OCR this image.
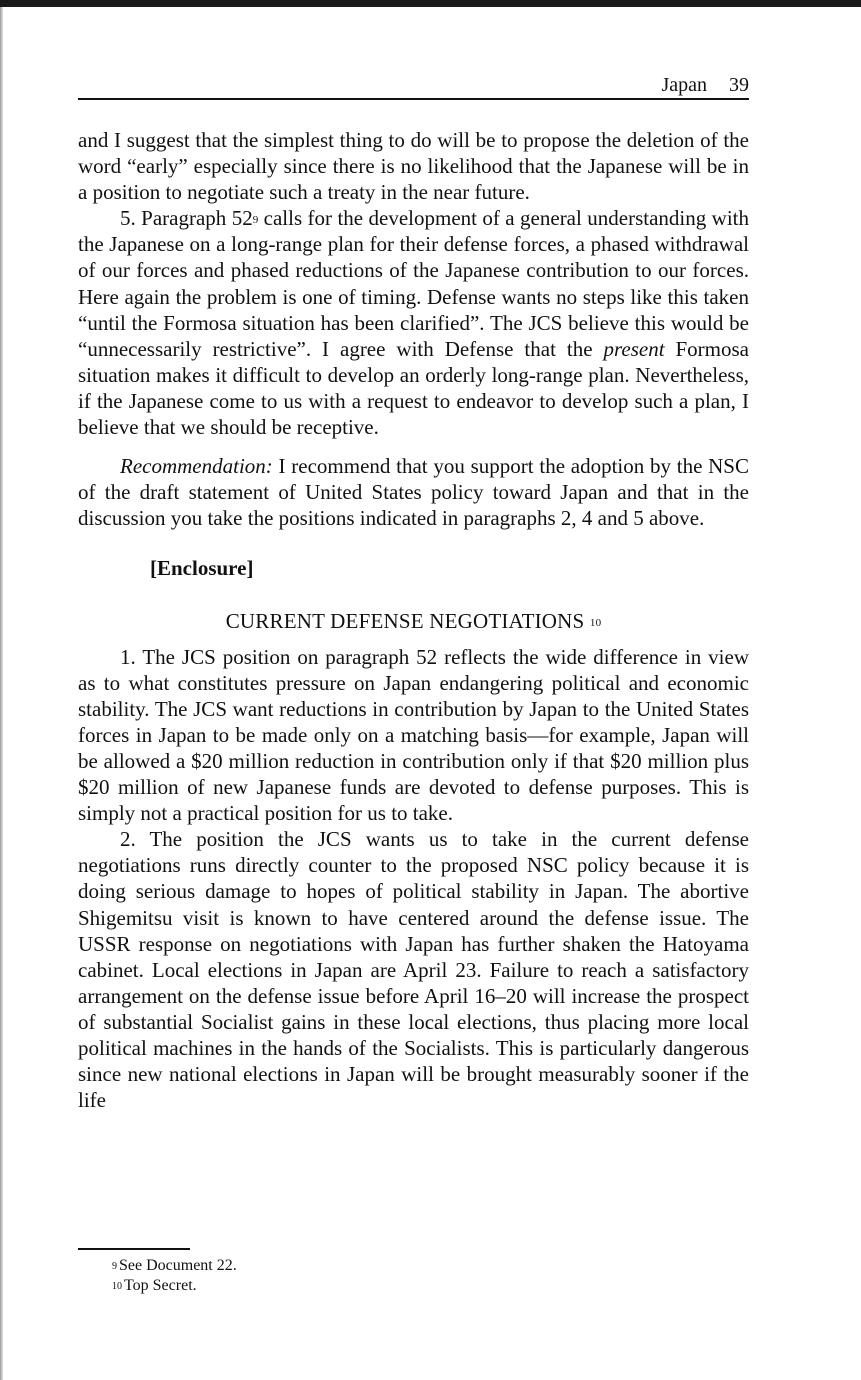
Japan 39

and I suggest that the simplest thing to do will be to propose the deletion of the word “early” especially since there is no likelihood that the Japanese will be in a position to negotiate such a treaty in the near future.

5. Paragraph $52^9$ calls for the development of a general understanding with the Japanese on a long-range plan for their defense forces, a phased withdrawal of our forces and phased reductions of the Japanese contribution to our forces. Here again the problem is one of timing. Defense wants no steps like this taken “until the Formosa situation has been clarified”. The JCS believe this would be “unnecessarily restrictive”. I agree with Defense that the present Formosa situation makes it difficult to develop an orderly long-range plan. Nevertheless, if the Japanese come to us with a request to endeavor to develop such a plan, I believe that we should be receptive.

Recommendation: I recommend that you support the adoption by the NSC of the draft statement of United States policy toward Japan and that in the discussion you take the positions indicated in paragraphs 2, 4 and 5 above.

[Enclosure]

CURRENT DEFENSE NEGOTIATIONS $^{10}$

1. The JCS position on paragraph 52 reflects the wide difference in view as to what constitutes pressure on Japan endangering political and economic stability. The JCS want reductions in contribution by Japan to the United States forces in Japan to be made only on a matching basis—for example, Japan will be allowed a $20 million reduction in contribution only if that $20 million plus $20 million of new Japanese funds are devoted to defense purposes. This is simply not a practical position for us to take.

2. The position the JCS wants us to take in the current defense negotiations runs directly counter to the proposed NSC policy because it is doing serious damage to hopes of political stability in Japan. The abortive Shigemitsu visit is known to have centered around the defense issue. The USSR response on negotiations with Japan has further shaken the Hatoyama cabinet. Local elections in Japan are April 23. Failure to reach a satisfactory arrangement on the defense issue before April 16–20 will increase the prospect of substantial Socialist gains in these local elections, thus placing more local political machines in the hands of the Socialists. This is particularly dangerous since new national elections in Japan will be brought measurably sooner if the life

$^9$ See Document 22.
$^{10}$ Top Secret.
